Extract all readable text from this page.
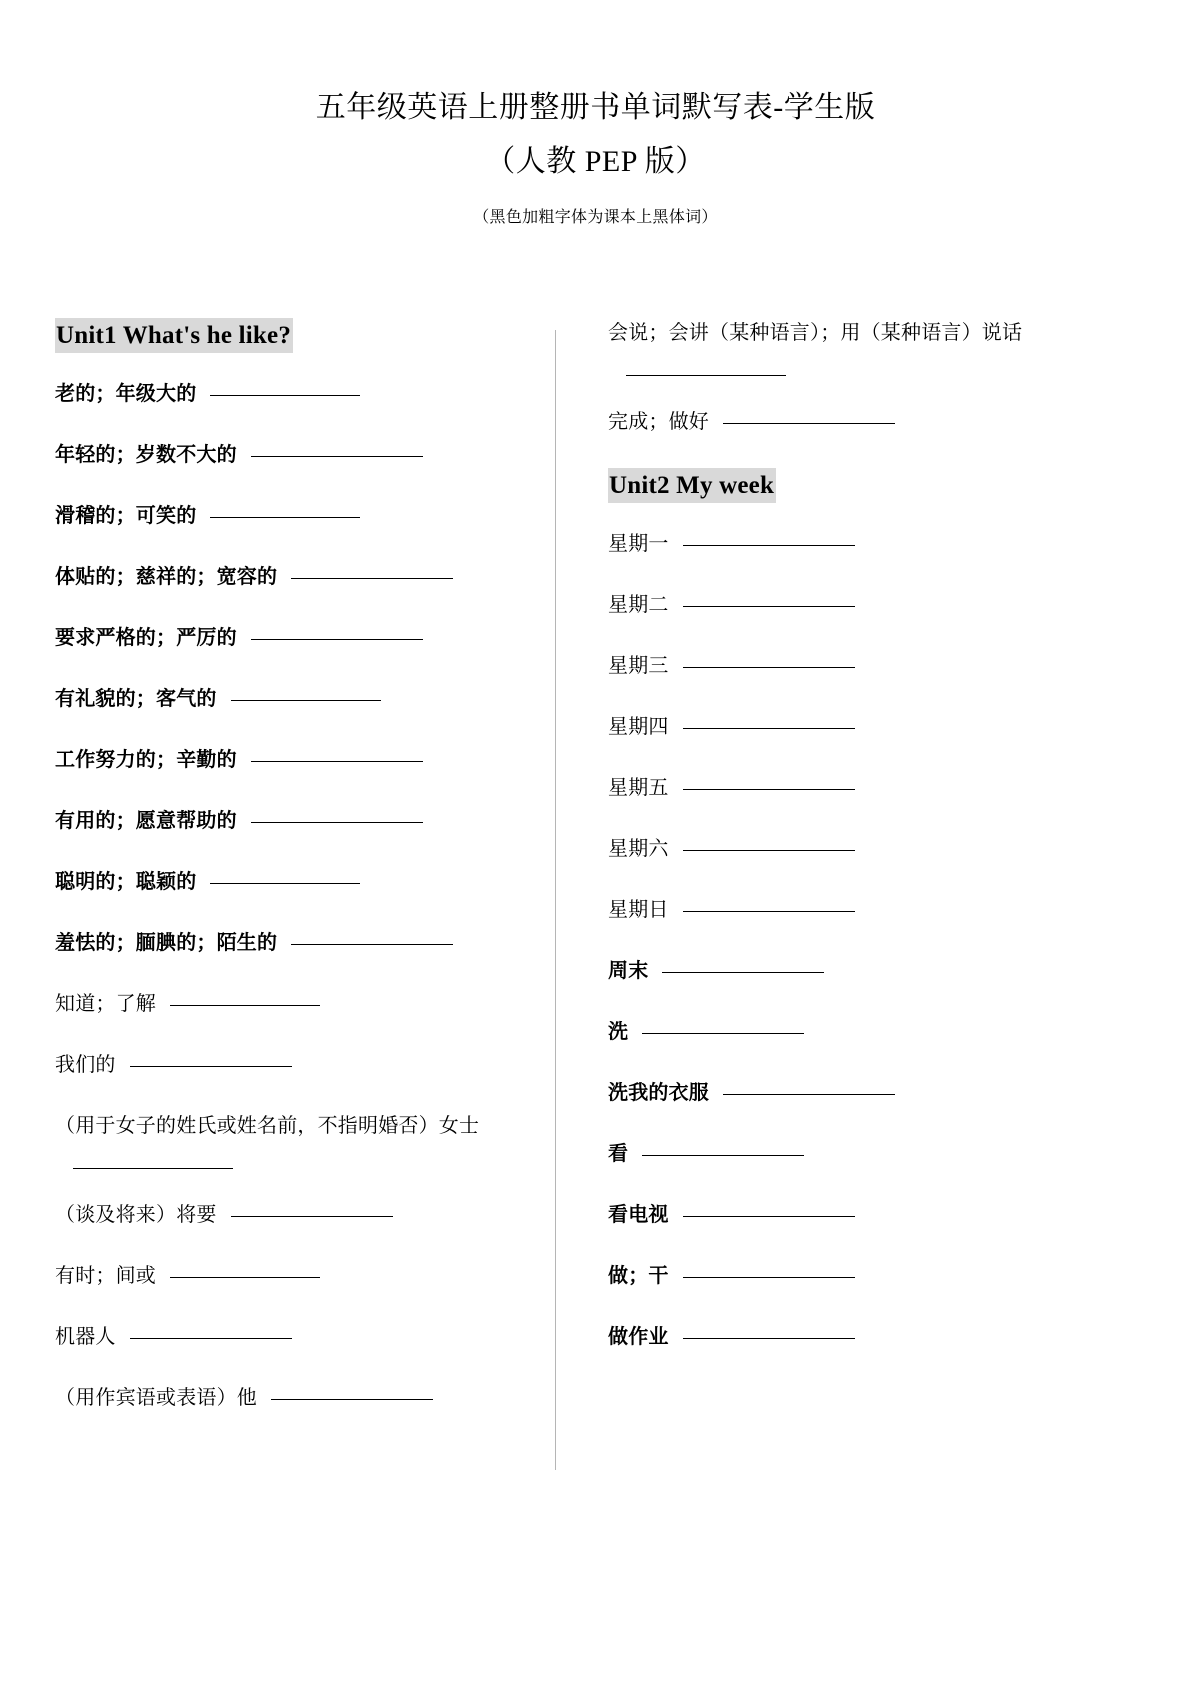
五年级英语上册整册书单词默写表-学生版
（人教 PEP 版）
（黑色加粗字体为课本上黑体词）
Unit1 What's he like?
老的；年级大的
年轻的；岁数不大的
滑稽的；可笑的
体贴的；慈祥的；宽容的
要求严格的；严厉的
有礼貌的；客气的
工作努力的；辛勤的
有用的；愿意帮助的
聪明的；聪颖的
羞怯的；腼腆的；陌生的
知道；了解
我们的
（用于女子的姓氏或姓名前，不指明婚否）女士
（谈及将来）将要
有时；间或
机器人
（用作宾语或表语）他
会说；会讲（某种语言）；用（某种语言）说话
完成；做好
Unit2 My week
星期一
星期二
星期三
星期四
星期五
星期六
星期日
周末
洗
洗我的衣服
看
看电视
做；干
做作业
